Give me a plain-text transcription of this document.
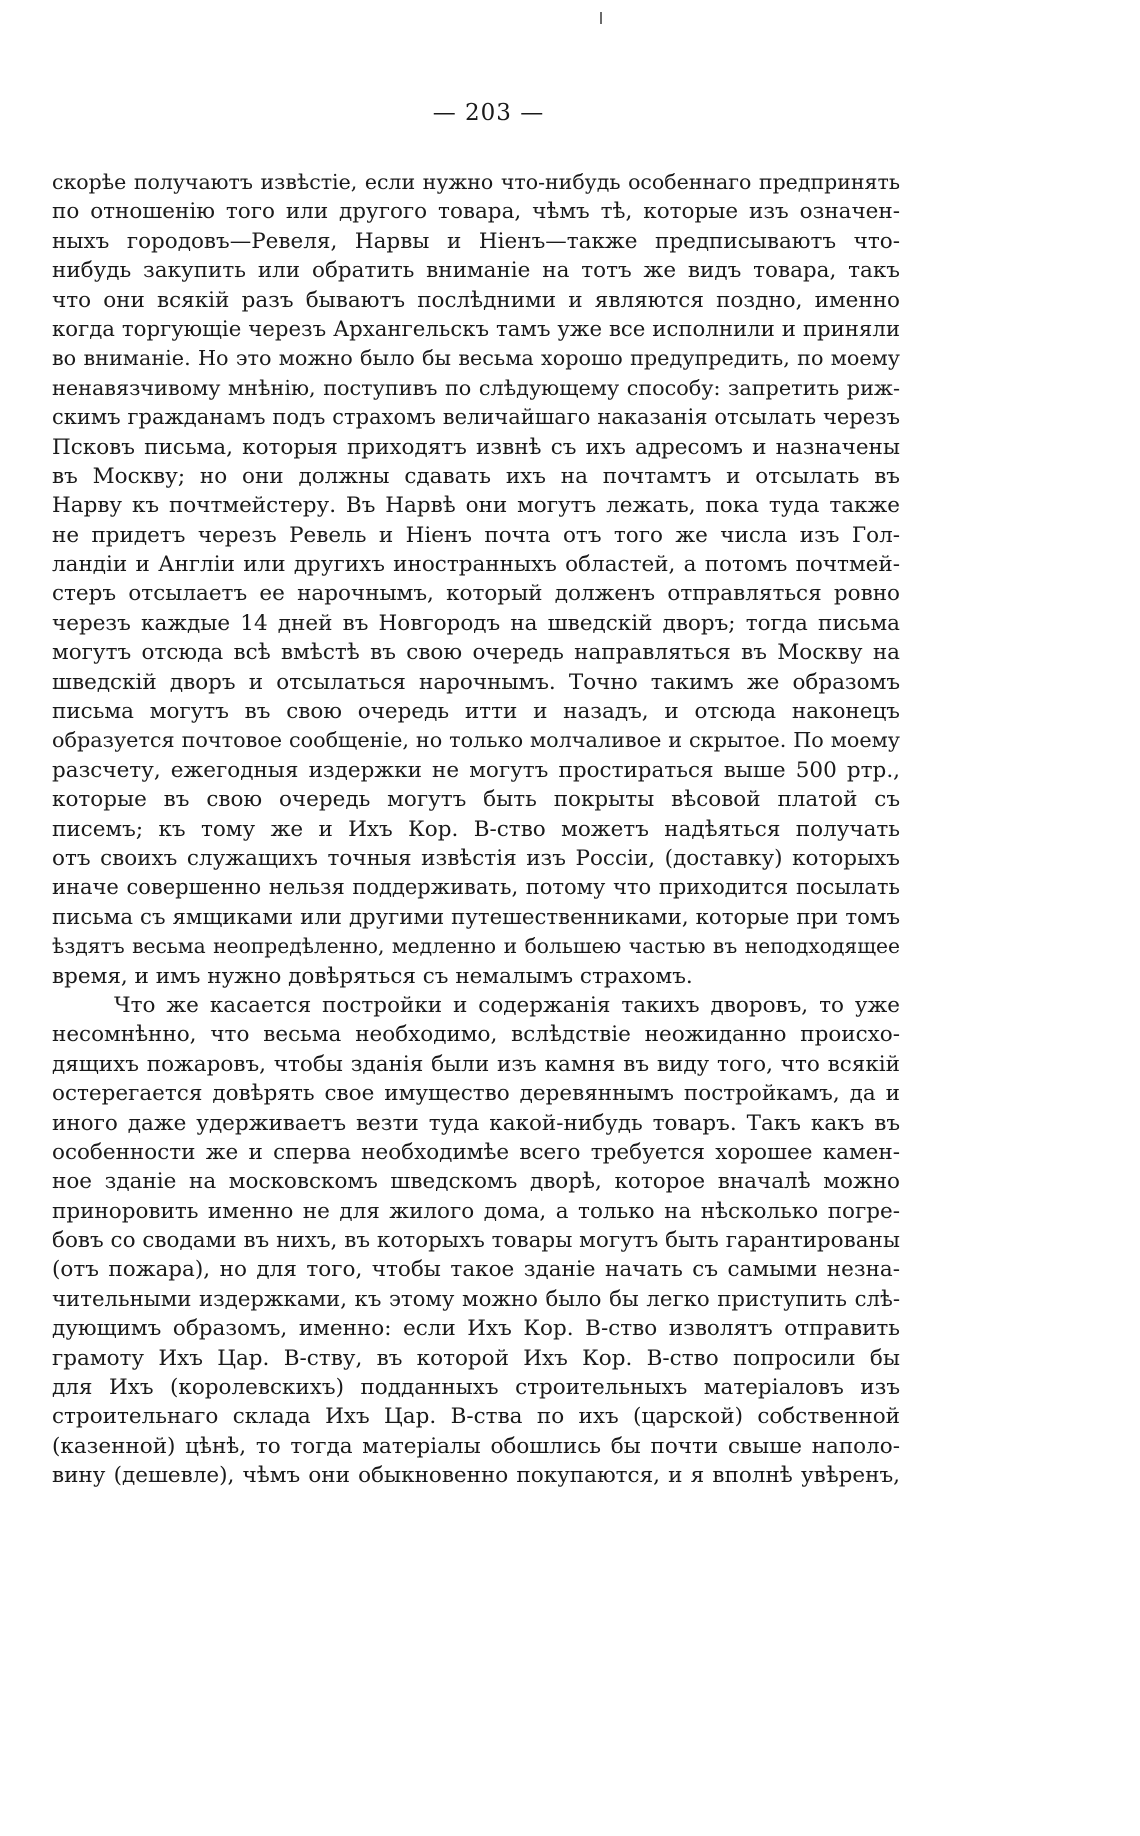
— 203 —
скорѣе получаютъ извѣстіе, если нужно что-нибудь особеннаго предпринять
по отношенію того или другого товара, чѣмъ тѣ, которые изъ означен-
ныхъ городовъ—Ревеля, Нарвы и Ніенъ—также предписываютъ что-
нибудь закупить или обратить вниманіе на тотъ же видъ товара, такъ
что они всякій разъ бываютъ послѣдними и являются поздно, именно
когда торгующіе черезъ Архангельскъ тамъ уже все исполнили и приняли
во вниманіе. Но это можно было бы весьма хорошо предупредить, по моему
ненавязчивому мнѣнію, поступивъ по слѣдующему способу: запретить риж-
скимъ гражданамъ подъ страхомъ величайшаго наказанія отсылать черезъ
Псковъ письма, которыя приходятъ извнѣ съ ихъ адресомъ и назначены
въ Москву; но они должны сдавать ихъ на почтамтъ и отсылать въ
Нарву къ почтмейстеру. Въ Нарвѣ они могутъ лежать, пока туда также
не придетъ черезъ Ревель и Ніенъ почта отъ того же числа изъ Гол-
ландіи и Англіи или другихъ иностранныхъ областей, а потомъ почтмей-
стеръ отсылаетъ ее нарочнымъ, который долженъ отправляться ровно
черезъ каждые 14 дней въ Новгородъ на шведскій дворъ; тогда письма
могутъ отсюда всѣ вмѣстѣ въ свою очередь направляться въ Москву на
шведскій дворъ и отсылаться нарочнымъ. Точно такимъ же образомъ
письма могутъ въ свою очередь итти и назадъ, и отсюда наконецъ
образуется почтовое сообщеніе, но только молчаливое и скрытое. По моему
разсчету, ежегодныя издержки не могутъ простираться выше 500 ртр.,
которые въ свою очередь могутъ быть покрыты вѣсовой платой съ
писемъ; къ тому же и Ихъ Кор. В-ство можетъ надѣяться получать
отъ своихъ служащихъ точныя извѣстія изъ Россіи, (доставку) которыхъ
иначе совершенно нельзя поддерживать, потому что приходится посылать
письма съ ямщиками или другими путешественниками, которые при томъ
ѣздятъ весьма неопредѣленно, медленно и большею частью въ неподходящее
время, и имъ нужно довѣряться съ немалымъ страхомъ.
Что же касается постройки и содержанія такихъ дворовъ, то уже
несомнѣнно, что весьма необходимо, вслѣдствіе неожиданно происхо-
дящихъ пожаровъ, чтобы зданія были изъ камня въ виду того, что всякій
остерегается довѣрять свое имущество деревяннымъ постройкамъ, да и
иного даже удерживаетъ везти туда какой-нибудь товаръ. Такъ какъ въ
особенности же и сперва необходимѣе всего требуется хорошее камен-
ное зданіе на московскомъ шведскомъ дворѣ, которое вначалѣ можно
приноровить именно не для жилого дома, а только на нѣсколько погре-
бовъ со сводами въ нихъ, въ которыхъ товары могутъ быть гарантированы
(отъ пожара), но для того, чтобы такое зданіе начать съ самыми незна-
чительными издержками, къ этому можно было бы легко приступить слѣ-
дующимъ образомъ, именно: если Ихъ Кор. В-ство изволятъ отправить
грамоту Ихъ Цар. В-ству, въ которой Ихъ Кор. В-ство попросили бы
для Ихъ (королевскихъ) подданныхъ строительныхъ матеріаловъ изъ
строительнаго склада Ихъ Цар. В-ства по ихъ (царской) собственной
(казенной) цѣнѣ, то тогда матеріалы обошлись бы почти свыше наполо-
вину (дешевле), чѣмъ они обыкновенно покупаются, и я вполнѣ увѣренъ,
